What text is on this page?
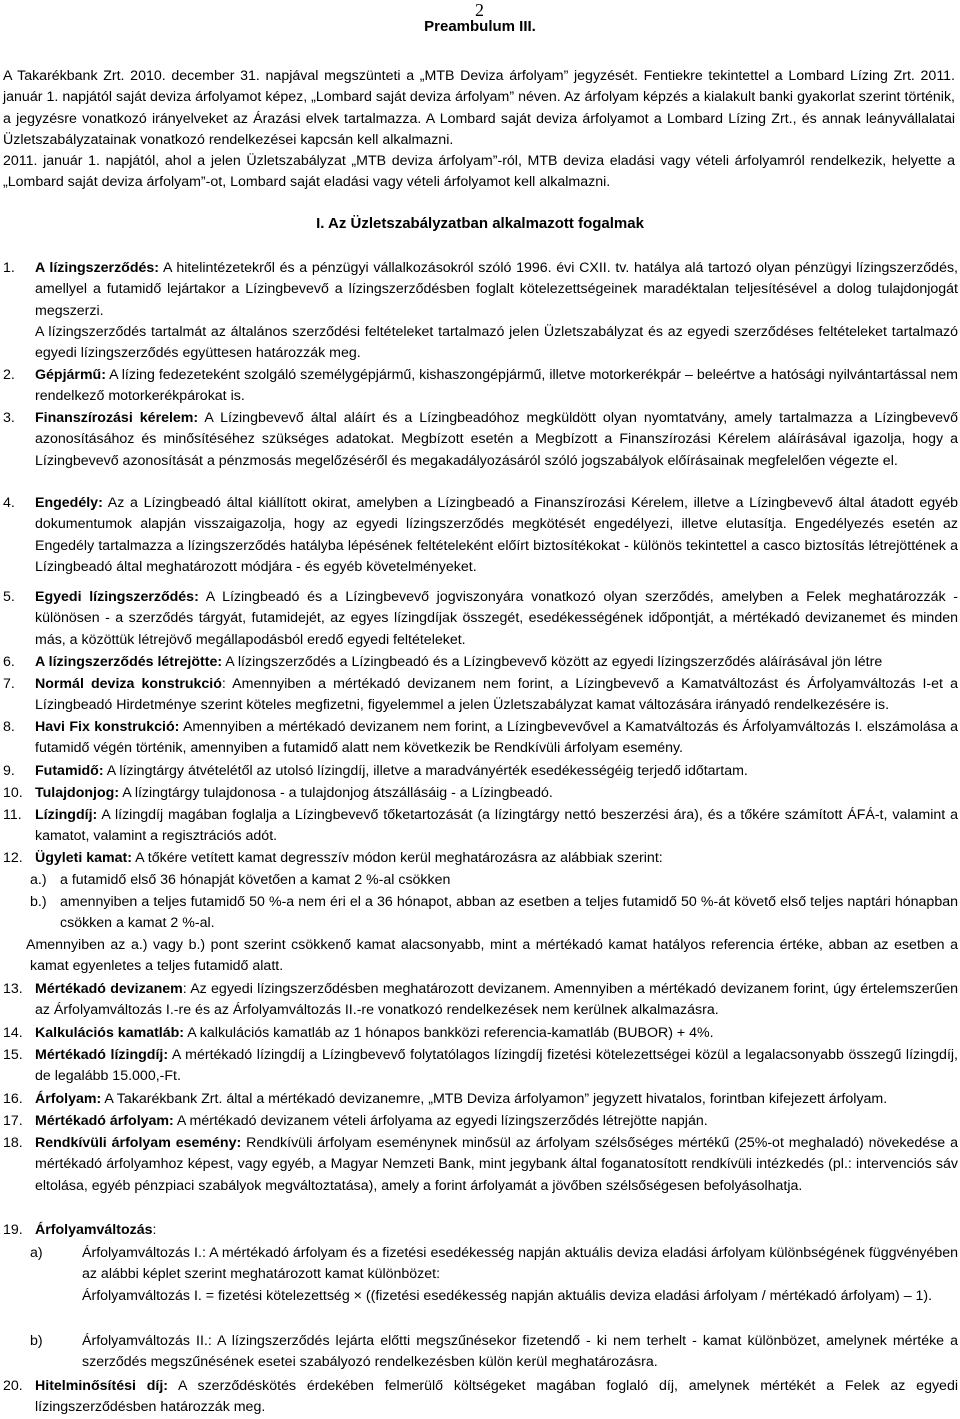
2
Preambulum III.
A Takarékbank Zrt. 2010. december 31. napjával megszünteti a „MTB Deviza árfolyam” jegyzését. Fentiekre tekintettel a Lombard Lízing Zrt. 2011. január 1. napjától saját deviza árfolyamot képez, „Lombard saját deviza árfolyam” néven. Az árfolyam képzés a kialakult banki gyakorlat szerint történik, a jegyzésre vonatkozó irányelveket az Árazási elvek tartalmazza. A Lombard saját deviza árfolyamot a Lombard Lízing Zrt., és annak leányvállalatai Üzletszabályzatainak vonatkozó rendelkezései kapcsán kell alkalmazni.
2011. január 1. napjától, ahol a jelen Üzletszabályzat „MTB deviza árfolyam”-ról, MTB deviza eladási vagy vételi árfolyamról rendelkezik, helyette a „Lombard saját deviza árfolyam”-ot, Lombard saját eladási vagy vételi árfolyamot kell alkalmazni.
I. Az Üzletszabályzatban alkalmazott fogalmak
1.	A lízingszerződés: A hitelintézetekről és a pénzügyi vállalkozásokról szóló 1996. évi CXII. tv. hatálya alá tartozó olyan pénzügyi lízingszerződés, amellyel a futamidő lejártakor a Lízingbevevő a lízingszerződésben foglalt kötelezettségeinek maradéktalan teljesítésével a dolog tulajdonjogát megszerzi.
A lízingszerződés tartalmát az általános szerződési feltételeket tartalmazó jelen Üzletszabályzat és az egyedi szerződéses feltételeket tartalmazó egyedi lízingszerződés együttesen határozzák meg.
2.	Gépjármű: A lízing fedezeteként szolgáló személygépjármű, kishaszongépjármű, illetve motorkerékpár – beleértve a hatósági nyilvántartással nem rendelkező motorkerékpárokat is.
3.	Finanszírozási kérelem: A Lízingbevevő által aláírt és a Lízingbeadóhoz megküldött olyan nyomtatvány, amely tartalmazza a Lízingbevevő azonosításához és minősítéséhez szükséges adatokat. Megbízott esetén a Megbízott a Finanszírozási Kérelem aláírásával igazolja, hogy a Lízingbevevő azonosítását a pénzmosás megelőzéséről és megakadályozásáról szóló jogszabályok előírásainak megfelelően végezte el.
4.	Engedély: Az a Lízingbeadó által kiállított okirat, amelyben a Lízingbeadó a Finanszírozási Kérelem, illetve a Lízingbevevő által átadott egyéb dokumentumok alapján visszaigazolja, hogy az egyedi lízingszerződés megkötését engedélyezi, illetve elutasítja. Engedélyezés esetén az Engedély tartalmazza a lízingszerződés hatályba lépésének feltételeként előírt biztosítékokat - különös tekintettel a casco biztosítás létrejöttének a Lízingbeadó által meghatározott módjára - és egyéb követelményeket.
5.	Egyedi lízingszerződés: A Lízingbeadó és a Lízingbevevő jogviszonyára vonatkozó olyan szerződés, amelyben a Felek meghatározzák - különösen - a szerződés tárgyát, futamidejét, az egyes lízingdíjak összegét, esedékességének időpontját, a mértékadó devizanemet és minden más, a közöttük létrejövő megállapodásból eredő egyedi feltételeket.
6.	A lízingszerződés létrejötte: A lízingszerződés a Lízingbeadó és a Lízingbevevő között az egyedi lízingszerződés aláírásával jön létre
7.	Normál deviza konstrukció: Amennyiben a mértékadó devizanem nem forint, a Lízingbevevő a Kamatváltozást és Árfolyamváltozás I-et a Lízingbeadó Hirdetménye szerint köteles megfizetni, figyelemmel a jelen Üzletszabályzat kamat változására irányadó rendelkezésére is.
8.	Havi Fix konstrukció: Amennyiben a mértékadó devizanem nem forint, a Lízingbevevővel a Kamatváltozás és Árfolyamváltozás I. elszámolása a futamidő végén történik, amennyiben a futamidő alatt nem következik be Rendkívüli árfolyam esemény.
9.	Futamidő: A lízingtárgy átvételétől az utolsó lízingdíj, illetve a maradványérték esedékességéig terjedő időtartam.
10. Tulajdonjog: A lízingtárgy tulajdonosa - a tulajdonjog átszállásáig - a Lízingbeadó.
11. Lízingdíj: A lízingdíj magában foglalja a Lízingbevevő tőketartozását (a lízingtárgy nettó beszerzési ára), és a tőkére számított ÁFÁ-t, valamint a kamatot, valamint a regisztrációs adót.
12. Ügyleti kamat: A tőkére vetített kamat degresszív módon kerül meghatározásra az alábbiak szerint:
a.) a futamidő első 36 hónapját követően a kamat 2 %-al csökken
b.) amennyiben a teljes futamidő 50 %-a nem éri el a 36 hónapot, abban az esetben a teljes futamidő 50 %-át követő első teljes naptári hónapban csökken a kamat 2 %-al.
Amennyiben az a.) vagy b.) pont szerint csökkenő kamat alacsonyabb, mint a mértékadó kamat hatályos referencia értéke, abban az esetben a kamat egyenletes a teljes futamidő alatt.
13. Mértékadó devizanem: Az egyedi lízingszerződésben meghatározott devizanem. Amennyiben a mértékadó devizanem forint, úgy értelemszerűen az Árfolyamváltozás I.-re és az Árfolyamváltozás II.-re vonatkozó rendelkezések nem kerülnek alkalmazásra.
14. Kalkulációs kamatláb: A kalkulációs kamatláb az 1 hónapos bankközi referencia-kamatláb (BUBOR) + 4%.
15. Mértékadó lízingdíj: A mértékadó lízingdíj a Lízingbevevő folytatólagos lízingdíj fizetési kötelezettségei közül a legalacsonyabb összegű lízingdíj, de legalább 15.000,-Ft.
16. Árfolyam: A Takarékbank Zrt. által a mértékadó devizanemre, „MTB Deviza árfolyamon” jegyzett hivatalos, forintban kifejezett árfolyam.
17. Mértékadó árfolyam: A mértékadó devizanem vételi árfolyama az egyedi lízingszerződés létrejötte napján.
18. Rendkívüli árfolyam esemény: Rendkívüli árfolyam eseménynek minősül az árfolyam szélsőséges mértékű (25%-ot meghaladó) növekedése a mértékadó árfolyamhoz képest, vagy egyéb, a Magyar Nemzeti Bank, mint jegybank által foganatosított rendkívüli intézkedés (pl.: intervenciós sáv eltolása, egyéb pénzpiaci szabályok megváltoztatása), amely a forint árfolyamát a jövőben szélsőségesen befolyásolhatja.
19. Árfolyamváltozás:
a)	Árfolyamváltozás I.: A mértékadó árfolyam és a fizetési esedékesség napján aktuális deviza eladási árfolyam különbségének függvényében az alábbi képlet szerint meghatározott kamat különbözet:
Árfolyamváltozás I. = fizetési kötelezettség × ((fizetési esedékesség napján aktuális deviza eladási árfolyam / mértékadó árfolyam) – 1).
b)	Árfolyamváltozás II.: A lízingszerződés lejárta előtti megszűnésekor fizetendő - ki nem terhelt - kamat különbözet, amelynek mértéke a szerződés megszűnésének esetei szabályozó rendelkezésben külön kerül meghatározásra.
20. Hitelminősítési díj: A szerződéskötés érdekében felmerülő költségeket magában foglaló díj, amelynek mértékét a Felek az egyedi lízingszerződésben határozzák meg.
